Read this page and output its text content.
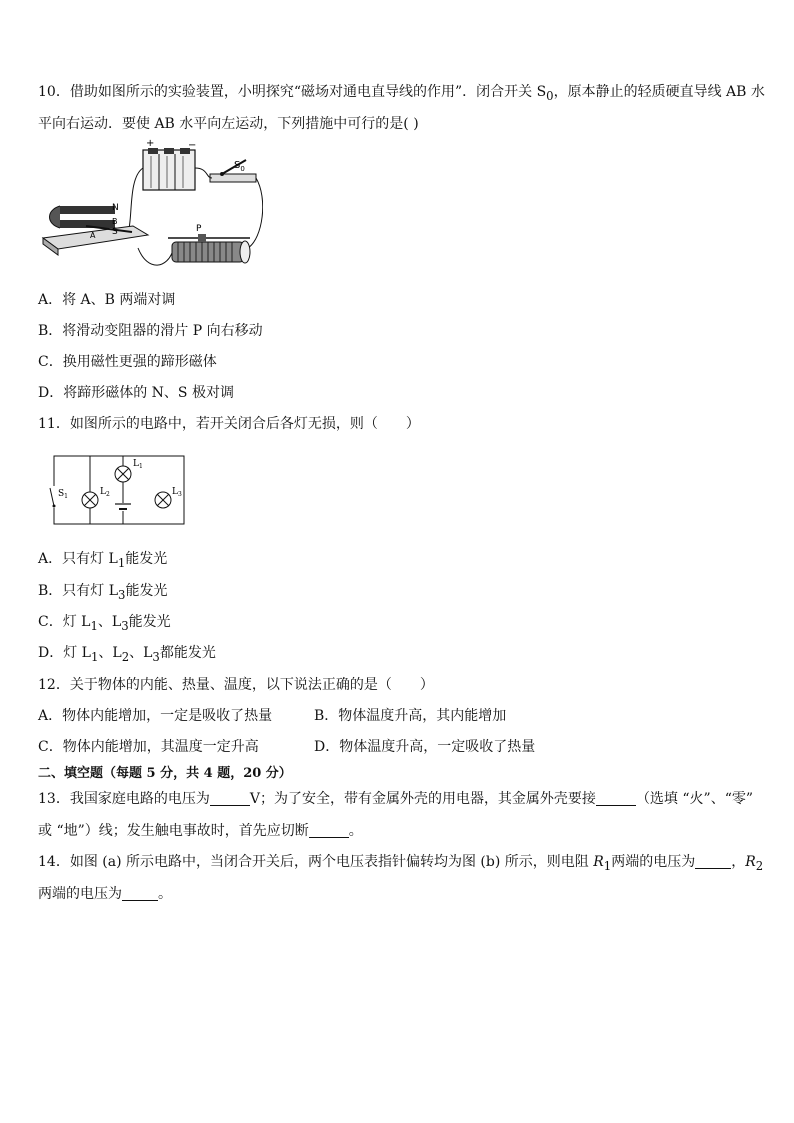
10．借助如图所示的实验装置，小明探究“磁场对通电直导线的作用”．闭合开关 $S_0$，原本静止的轻质硬直导线 AB 水
平向右运动．要使 AB 水平向左运动，下列措施中可行的是( )
+	−
$S_0$
N
S
A
B
P
A．将 A、B 两端对调
B．将滑动变阻器的滑片 P 向右移动
C．换用磁性更强的蹄形磁体
D．将蹄形磁体的 N、S 极对调
11．如图所示的电路中，若开关闭合后各灯无损，则（　　）
$S_1$	$L_2$
$L_1$
$L_3$
A．只有灯 $L_1$能发光
B．只有灯 $L_3$能发光
C．灯 $L_1$、$L_3$能发光
D．灯 $L_1$、$L_2$、$L_3$都能发光
12．关于物体的内能、热量、温度，以下说法正确的是（　　）
A．物体内能增加，一定是吸收了热量	B．物体温度升高，其内能增加
C．物体内能增加，其温度一定升高	D．物体温度升高，一定吸收了热量
二、填空题（每题 5 分，共 4 题，20 分）
13．我国家庭电路的电压为	V；为了安全，带有金属外壳的用电器，其金属外壳要接	（选填 “火”、“零”
或 “地”）线；发生触电事故时，首先应切断	。
14．如图 (a) 所示电路中，当闭合开关后，两个电压表指针偏转均为图 (b) 所示，则电阻 $R_1$两端的电压为	，$R_2$
两端的电压为	。
